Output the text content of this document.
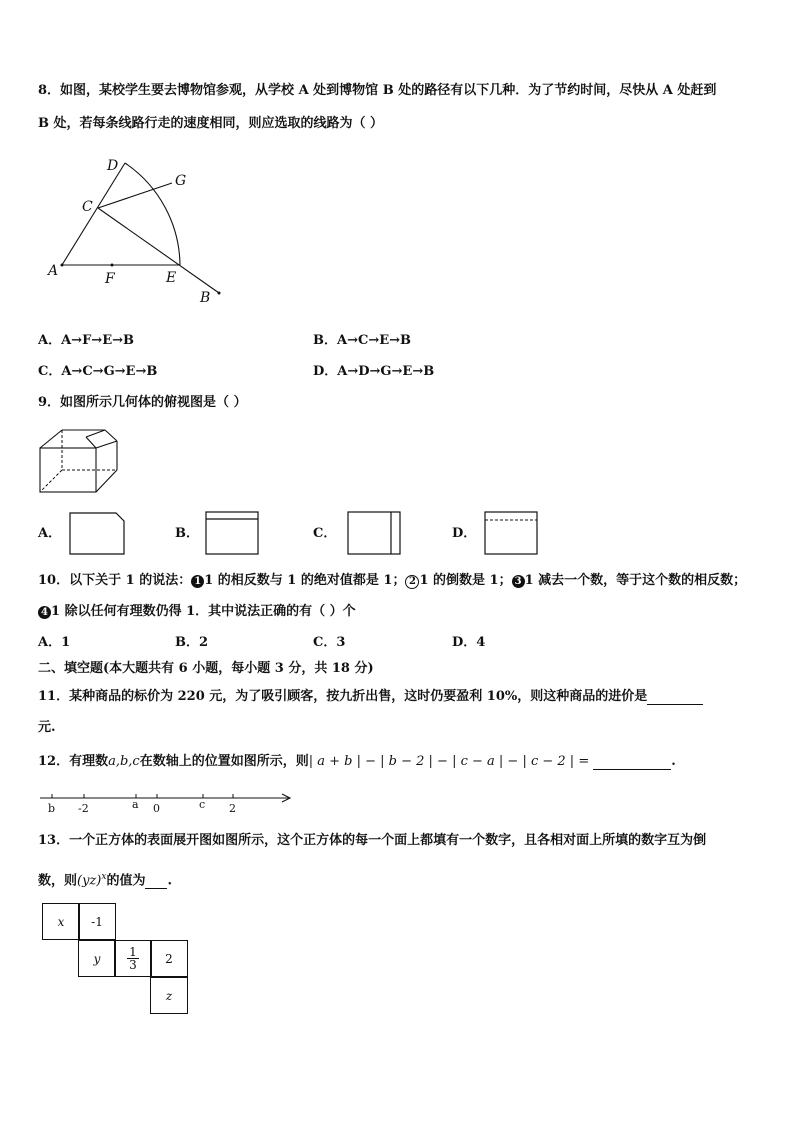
8．如图，某校学生要去博物馆参观，从学校 A 处到博物馆 B 处的路径有以下几种．为了节约时间，尽快从 A 处赶到
B 处，若每条线路行走的速度相同，则应选取的线路为（ ）
D
G
C
A	F	E
B
A．A→F→E→B	B．A→C→E→B
C．A→C→G→E→B	D．A→D→G→E→B
9．如图所示几何体的俯视图是（ ）
A．	B．	C．	D．
10．以下关于 1 的说法： 1 1 的相反数与 1 的绝对值都是 1； 2 1 的倒数是 1； 3 1 减去一个数，等于这个数的相反数；
4 1 除以任何有理数仍得 1．其中说法正确的有（ ）个
A．1	B．2	C．3	D．4
二、填空题(本大题共有 6 小题，每小题 3 分，共 18 分)
11．某种商品的标价为 220 元，为了吸引顾客，按九折出售，这时仍要盈利 10%，则这种商品的进价是
元.
12．有理数a,b,c在数轴上的位置如图所示，则| a + b | − | b − 2 | − | c − a | − | c − 2 | =	.
b -2	a 0	c 2
13．一个正方体的表面展开图如图所示，这个正方体的每一个面上都填有一个数字，且各相对面上所填的数字互为倒
数，则(yz)$^x$的值为 .
x	-1
y	$\frac{1}{3}$	2
z
